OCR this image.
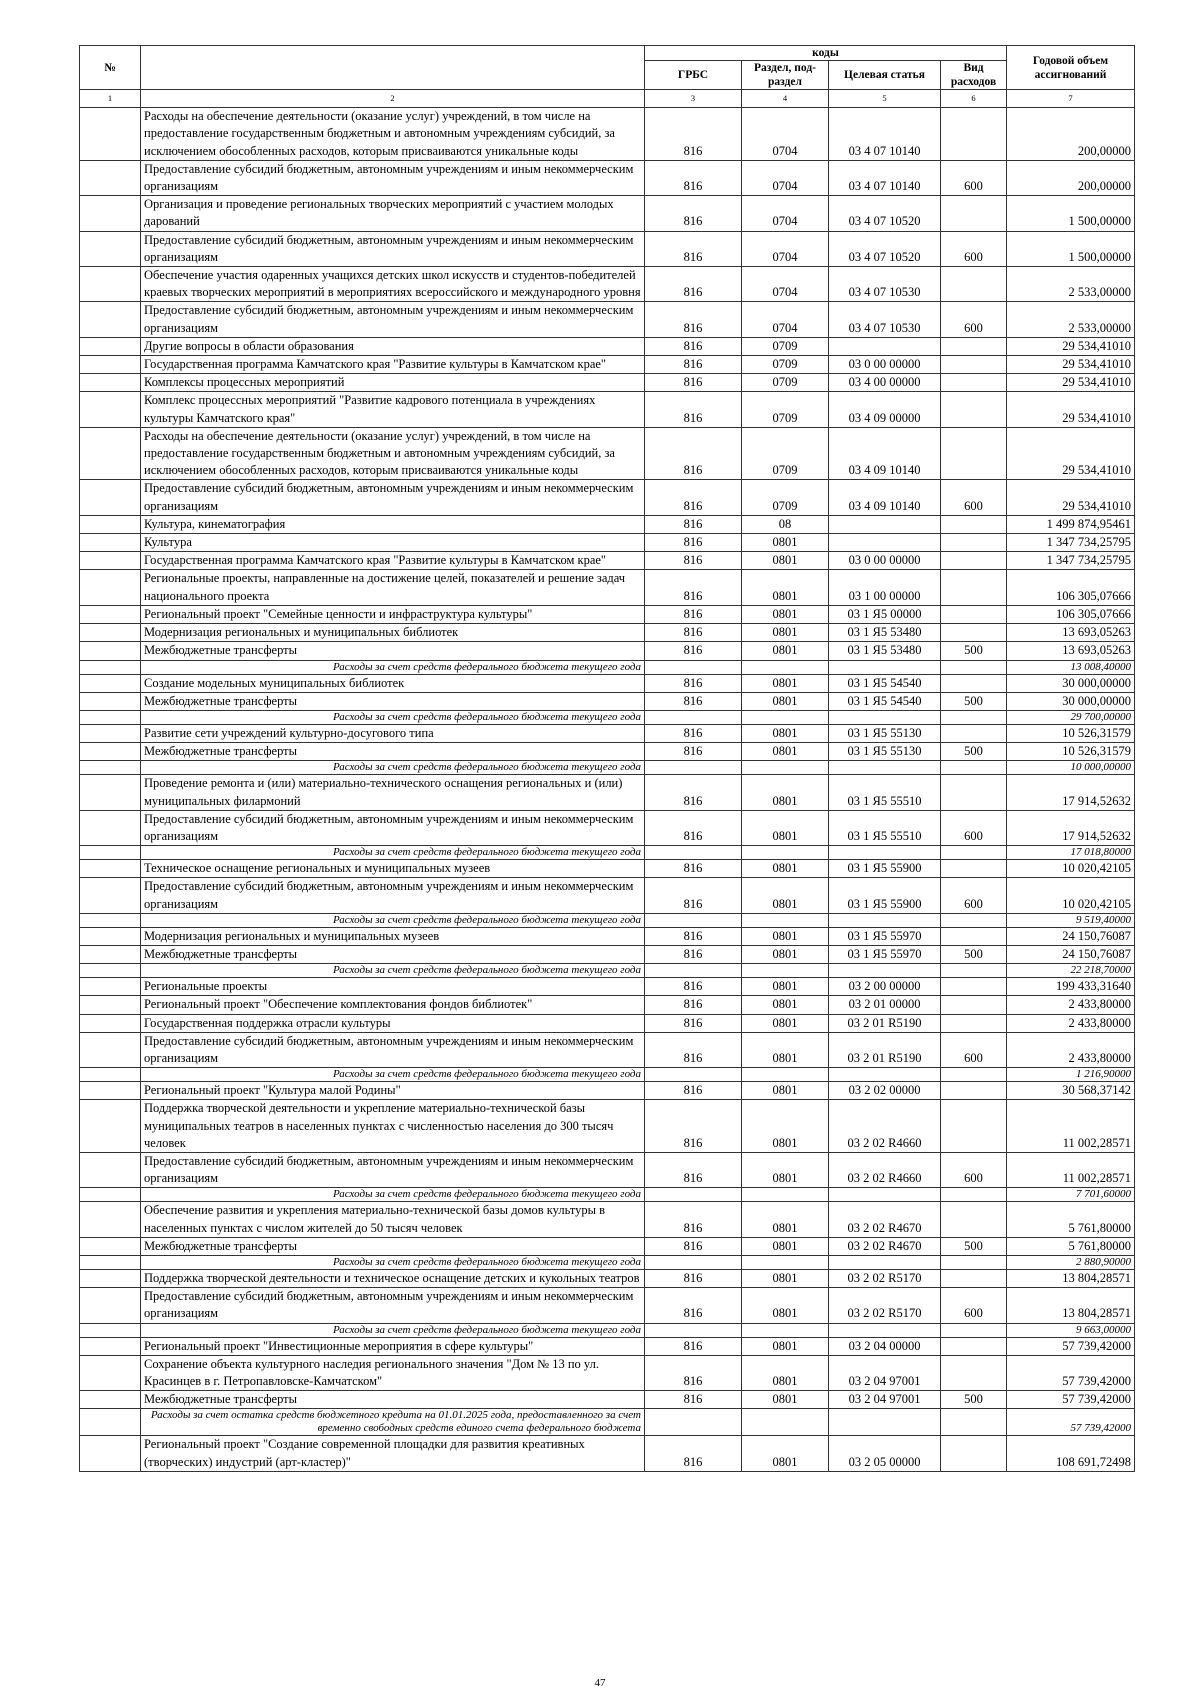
№		коды				Годовой объем ассигнований
		ГРБС	Раздел, под-раздел	Целевая статья	Вид расходов	
1	2	3	4	5	6	7
	Расходы на обеспечение деятельности (оказание услуг) учреждений, в том числе на предоставление государственным бюджетным и автономным учреждениям субсидий, за исключением обособленных расходов, которым присваиваются уникальные коды	816	0704	03 4 07 10140		200,00000
	Предоставление субсидий бюджетным, автономным учреждениям и иным некоммерческим организациям	816	0704	03 4 07 10140	600	200,00000
	Организация и проведение региональных творческих мероприятий с участием молодых дарований	816	0704	03 4 07 10520		1 500,00000
	Предоставление субсидий бюджетным, автономным учреждениям и иным некоммерческим организациям	816	0704	03 4 07 10520	600	1 500,00000
	Обеспечение участия одаренных учащихся детских школ искусств и студентов-победителей краевых творческих мероприятий в мероприятиях всероссийского и международного уровня	816	0704	03 4 07 10530		2 533,00000
	Предоставление субсидий бюджетным, автономным учреждениям и иным некоммерческим организациям	816	0704	03 4 07 10530	600	2 533,00000
	Другие вопросы в области образования	816	0709			29 534,41010
	Государственная программа Камчатского края "Развитие культуры в Камчатском крае"	816	0709	03 0 00 00000		29 534,41010
	Комплексы процессных мероприятий	816	0709	03 4 00 00000		29 534,41010
	Комплекс процессных мероприятий "Развитие кадрового потенциала в учреждениях культуры Камчатского края"	816	0709	03 4 09 00000		29 534,41010
	Расходы на обеспечение деятельности (оказание услуг) учреждений, в том числе на предоставление государственным бюджетным и автономным учреждениям субсидий, за исключением обособленных расходов, которым присваиваются уникальные коды	816	0709	03 4 09 10140		29 534,41010
	Предоставление субсидий бюджетным, автономным учреждениям и иным некоммерческим организациям	816	0709	03 4 09 10140	600	29 534,41010
	Культура, кинематография	816	08			1 499 874,95461
	Культура	816	0801			1 347 734,25795
	Государственная программа Камчатского края "Развитие культуры в Камчатском крае"	816	0801	03 0 00 00000		1 347 734,25795
	Региональные проекты, направленные на достижение целей, показателей и решение задач национального проекта	816	0801	03 1 00 00000		106 305,07666
	Региональный проект "Семейные ценности и инфраструктура культуры"	816	0801	03 1 Я5 00000		106 305,07666
	Модернизация региональных и муниципальных библиотек	816	0801	03 1 Я5 53480		13 693,05263
	Межбюджетные трансферты	816	0801	03 1 Я5 53480	500	13 693,05263
	Расходы за счет средств федерального бюджета текущего года					13 008,40000
	Создание модельных муниципальных библиотек	816	0801	03 1 Я5 54540		30 000,00000
	Межбюджетные трансферты	816	0801	03 1 Я5 54540	500	30 000,00000
	Расходы за счет средств федерального бюджета текущего года					29 700,00000
	Развитие сети учреждений культурно-досугового типа	816	0801	03 1 Я5 55130		10 526,31579
	Межбюджетные трансферты	816	0801	03 1 Я5 55130	500	10 526,31579
	Расходы за счет средств федерального бюджета текущего года					10 000,00000
	Проведение ремонта и (или) материально-технического оснащения региональных и (или) муниципальных филармоний	816	0801	03 1 Я5 55510		17 914,52632
	Предоставление субсидий бюджетным, автономным учреждениям и иным некоммерческим организациям	816	0801	03 1 Я5 55510	600	17 914,52632
	Расходы за счет средств федерального бюджета текущего года					17 018,80000
	Техническое оснащение региональных и муниципальных музеев	816	0801	03 1 Я5 55900		10 020,42105
	Предоставление субсидий бюджетным, автономным учреждениям и иным некоммерческим организациям	816	0801	03 1 Я5 55900	600	10 020,42105
	Расходы за счет средств федерального бюджета текущего года					9 519,40000
	Модернизация региональных и муниципальных музеев	816	0801	03 1 Я5 55970		24 150,76087
	Межбюджетные трансферты	816	0801	03 1 Я5 55970	500	24 150,76087
	Расходы за счет средств федерального бюджета текущего года					22 218,70000
	Региональные проекты	816	0801	03 2 00 00000		199 433,31640
	Региональный проект "Обеспечение комплектования фондов библиотек"	816	0801	03 2 01 00000		2 433,80000
	Государственная поддержка отрасли культуры	816	0801	03 2 01 R5190		2 433,80000
	Предоставление субсидий бюджетным, автономным учреждениям и иным некоммерческим организациям	816	0801	03 2 01 R5190	600	2 433,80000
	Расходы за счет средств федерального бюджета текущего года					1 216,90000
	Региональный проект "Культура малой Родины"	816	0801	03 2 02 00000		30 568,37142
	Поддержка творческой деятельности и укрепление материально-технической базы муниципальных театров в населенных пунктах с численностью населения до 300 тысяч человек	816	0801	03 2 02 R4660		11 002,28571
	Предоставление субсидий бюджетным, автономным учреждениям и иным некоммерческим организациям	816	0801	03 2 02 R4660	600	11 002,28571
	Расходы за счет средств федерального бюджета текущего года					7 701,60000
	Обеспечение развития и укрепления материально-технической базы домов культуры в населенных пунктах с числом жителей до 50 тысяч человек	816	0801	03 2 02 R4670		5 761,80000
	Межбюджетные трансферты	816	0801	03 2 02 R4670	500	5 761,80000
	Расходы за счет средств федерального бюджета текущего года					2 880,90000
	Поддержка творческой деятельности и техническое оснащение детских и кукольных театров	816	0801	03 2 02 R5170		13 804,28571
	Предоставление субсидий бюджетным, автономным учреждениям и иным некоммерческим организациям	816	0801	03 2 02 R5170	600	13 804,28571
	Расходы за счет средств федерального бюджета текущего года					9 663,00000
	Региональный проект "Инвестиционные мероприятия в сфере культуры"	816	0801	03 2 04 00000		57 739,42000
	Сохранение объекта культурного наследия регионального значения "Дом № 13 по ул. Красинцев в г. Петропавловске-Камчатском"	816	0801	03 2 04 97001		57 739,42000
	Межбюджетные трансферты	816	0801	03 2 04 97001	500	57 739,42000
	Расходы за счет остатка средств бюджетного кредита на 01.01.2025 года, предоставленного за счет временно свободных средств единого счета федерального бюджета					57 739,42000
	Региональный проект "Создание современной площадки для развития креативных (творческих) индустрий (арт-кластер)"	816	0801	03 2 05 00000		108 691,72498
47
